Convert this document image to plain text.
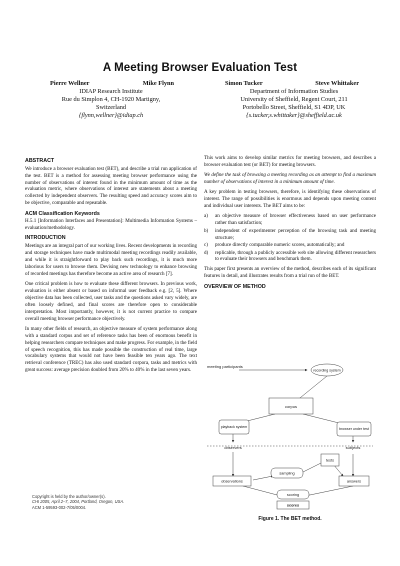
A Meeting Browser Evaluation Test
Pierre Wellner	Mike Flynn
IDIAP Research Institute
Rue du Simplon 4, CH-1920 Martigny,
Switzerland
{flynn,wellner}@idiap.ch
Simon Tucker	Steve Whittaker
Department of Information Studies
University of Sheffield, Regent Court, 211
Portobello Street, Sheffield, S1 4DP, UK
{s.tucker,s.whittaker}@sheffield.ac.uk
ABSTRACT

We introduce a browser evaluation test (BET), and describe a trial run application of the test. BET is a method for assessing meeting browser performance using the number of observations of interest found in the minimum amount of time as the evaluation metric, where observations of interest are statements about a meeting collected by independent observers. The resulting speed and accuracy scores aim to be objective, comparable and repeatable.

ACM Classification Keywords

H.5.1 [Information Interfaces and Presentation]: Multimedia Information Systems – evaluation/methodology.

INTRODUCTION

Meetings are an integral part of our working lives. Recent developments in recording and storage techniques have made multimodal meeting recordings readily available, and while it is straightforward to play back such recordings, it is much more laborious for users to browse them. Devising new technology to enhance browsing of recorded meetings has therefore become an active area of research [7].

One critical problem is how to evaluate these different browsers. In previous work, evaluation is either absent or based on informal user feedback e.g. [2, 5]. Where objective data has been collected, user tasks and the questions asked vary widely, are often loosely defined, and final scores are therefore open to considerable interpretation. Most importantly, however, it is not current practice to compare overall meeting browser performance objectively.

In many other fields of research, an objective measure of system performance along with a standard corpus and set of reference tasks has been of enormous benefit in helping researchers compare techniques and make progress. For example, in the field of speech recognition, this has made possible the construction of real time, large vocabulary systems that would not have been feasible ten years ago. The text retrieval conference (TREC) has also used standard corpora, tasks and metrics with great success: average precision doubled from 20% to 40% in the last seven years.

Copyright is held by the author/owner(s).
CHI 2005, April 2–7, 2004, Portland, Oregon, USA.
ACM 1-59593-002-7/05/0004.

This work aims to develop similar metrics for meeting browsers, and describes a browser evaluation test (or BET) for meeting browsers.

We define the task of browsing a meeting recording as an attempt to find a maximum number of observations of interest in a minimum amount of time.

A key problem in testing browsers, therefore, is identifying these observations of interest. The range of possibilities is enormous and depends upon meeting content and individual user interests. The BET aims to be:

a)	an objective measure of browser effectiveness based on user performance rather than satisfaction;
b)	independent of experimenter perception of the browsing task and meeting structure;
c)	produce directly comparable numeric scores, automatically; and
d)	replicable, through a publicly accessible web site allowing different researchers to evaluate their browsers and benchmark them.

This paper first presents an overview of the method, describes each of its significant features in detail, and illustrates results from a trial run of the BET.

OVERVIEW OF METHOD
meeting participants
recording system
corpus
playback system	browser under test
observers	subjects
tests
sampling
observations	answers
scoring
scores
Figure 1. The BET method.
